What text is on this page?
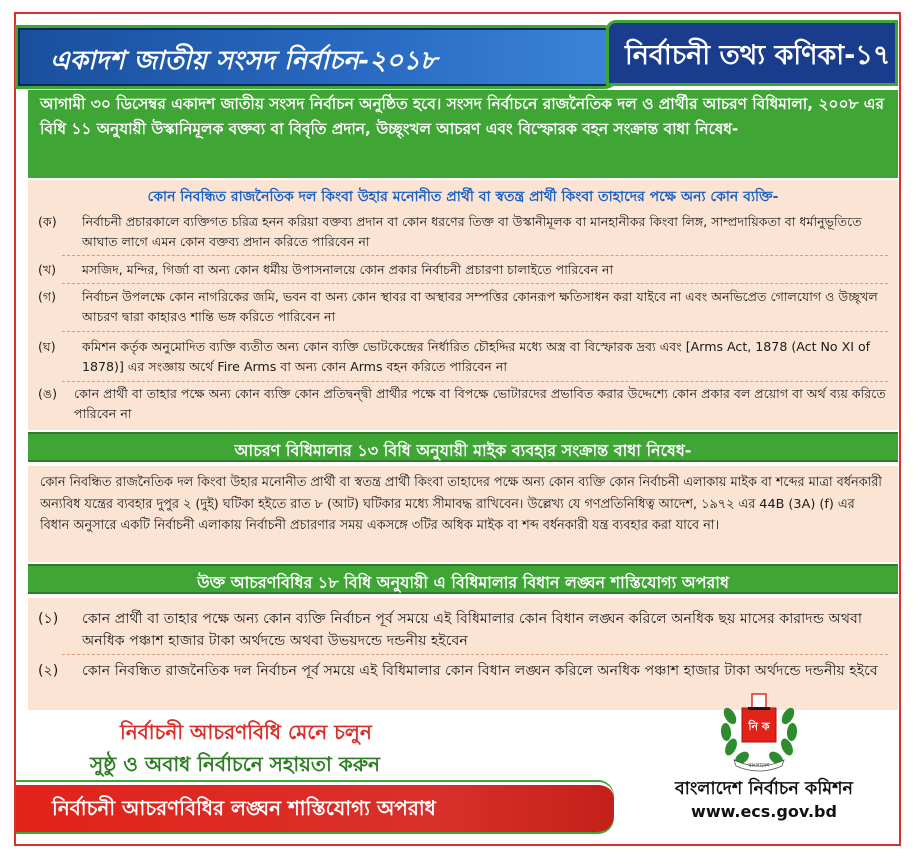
একাদশ জাতীয় সংসদ নির্বাচন-২০১৮	নির্বাচনী তথ্য কণিকা-১৭

আগামী ৩০ ডিসেম্বর একাদশ জাতীয় সংসদ নির্বাচন অনুষ্ঠিত হবে। সংসদ নির্বাচনে রাজনৈতিক দল ও প্রার্থীর আচরণ বিধিমালা, ২০০৮ এর বিধি ১১ অনুযায়ী উস্কানিমূলক বক্তব্য বা বিবৃতি প্রদান, উচ্ছৃংখল আচরণ এবং বিস্ফোরক বহন সংক্রান্ত বাধা নিষেধ-

কোন নিবন্ধিত রাজনৈতিক দল কিংবা উহার মনোনীত প্রার্থী বা স্বতন্ত্র প্রার্থী কিংবা তাহাদের পক্ষে অন্য কোন ব্যক্তি-
(ক)	নির্বাচনী প্রচারকালে ব্যক্তিগত চরিত্র হনন করিয়া বক্তব্য প্রদান বা কোন ধরণের তিক্ত বা উস্কানীমূলক বা মানহানীকর কিংবা লিঙ্গ, সাম্প্রদায়িকতা বা ধর্মানুভূতিতে আঘাত লাগে এমন কোন বক্তব্য প্রদান করিতে পারিবেন না
(খ)	মসজিদ, মন্দির, গির্জা বা অন্য কোন ধর্মীয় উপাসনালয়ে কোন প্রকার নির্বাচনী প্রচারণা চালাইতে পারিবেন না
(গ)	নির্বাচন উপলক্ষে কোন নাগরিকের জমি, ভবন বা অন্য কোন স্থাবর বা অস্থাবর সম্পত্তির কোনরূপ ক্ষতিসাধন করা যাইবে না এবং অনভিপ্রেত গোলযোগ ও উচ্ছৃখল আচরণ দ্বারা কাহারও শান্তি ভঙ্গ করিতে পারিবেন না
(ঘ)	কমিশন কর্তৃক অনুমোদিত ব্যক্তি ব্যতীত অন্য কোন ব্যক্তি ভোটকেন্দ্রের নির্ধারিত চৌহদ্দির মধ্যে অস্ত্র বা বিস্ফোরক দ্রব্য এবং [Arms Act, 1878 (Act No XI of 1878)] এর সংজ্ঞায় অর্থে Fire Arms বা অন্য কোন Arms বহন করিতে পারিবেন না
(ঙ)	কোন প্রার্থী বা তাহার পক্ষে অন্য কোন ব্যক্তি কোন প্রতিদ্বন্দ্বী প্রার্থীর পক্ষে বা বিপক্ষে ভোটারদের প্রভাবিত করার উদ্দেশ্যে কোন প্রকার বল প্রয়োগ বা অর্থ ব্যয় করিতে পারিবেন না
আচরণ বিধিমালার ১৩ বিধি অনুযায়ী মাইক ব্যবহার সংক্রান্ত বাধা নিষেধ-

কোন নিবন্ধিত রাজনৈতিক দল কিংবা উহার মনোনীত প্রার্থী বা স্বতন্ত্র প্রার্থী কিংবা তাহাদের পক্ষে অন্য কোন ব্যক্তি কোন নির্বাচনী এলাকায় মাইক বা শব্দের মাত্রা বর্ধনকারী অন্যবিধ যন্ত্রের ব্যবহার দুপুর ২ (দুই) ঘটিকা হইতে রাত ৮ (আট) ঘটিকার মধ্যে সীমাবদ্ধ রাখিবেন। উল্লেখ্য যে গণপ্রতিনিধিত্ব আদেশ, ১৯৭২ এর 44B (3A) (f) এর বিধান অনুসারে একটি নির্বাচনী এলাকায় নির্বাচনী প্রচারণার সময় একসঙ্গে ৩টির অধিক মাইক বা শব্দ বর্ধনকারী যন্ত্র ব্যবহার করা যাবে না।

উক্ত আচরণবিধির ১৮ বিধি অনুযায়ী এ বিধিমালার বিধান লঙ্ঘন শাস্তিযোগ্য অপরাধ
(১)	কোন প্রার্থী বা তাহার পক্ষে অন্য কোন ব্যক্তি নির্বাচন পূর্ব সময়ে এই বিধিমালার কোন বিধান লঙ্ঘন করিলে অনধিক ছয় মাসের কারাদন্ড অথবা অনধিক পঞ্চাশ হাজার টাকা অর্থদন্ডে অথবা উভয়দন্ডে দন্ডনীয় হইবেন
(২)	কোন নিবন্ধিত রাজনৈতিক দল নির্বাচন পূর্ব সময়ে এই বিধিমালার কোন বিধান লঙ্ঘন করিলে অনধিক পঞ্চাশ হাজার টাকা অর্থদন্ডে দন্ডনীয় হইবে
নির্বাচনী আচরণবিধি মেনে চলুন
সুষ্ঠু ও অবাধ নির্বাচনে সহায়তা করুন
নির্বাচনী আচরণবিধির লঙ্ঘন শাস্তিযোগ্য অপরাধ
নি ক
বাংলাদেশ
বাংলাদেশ নির্বাচন কমিশন
www.ecs.gov.bd
